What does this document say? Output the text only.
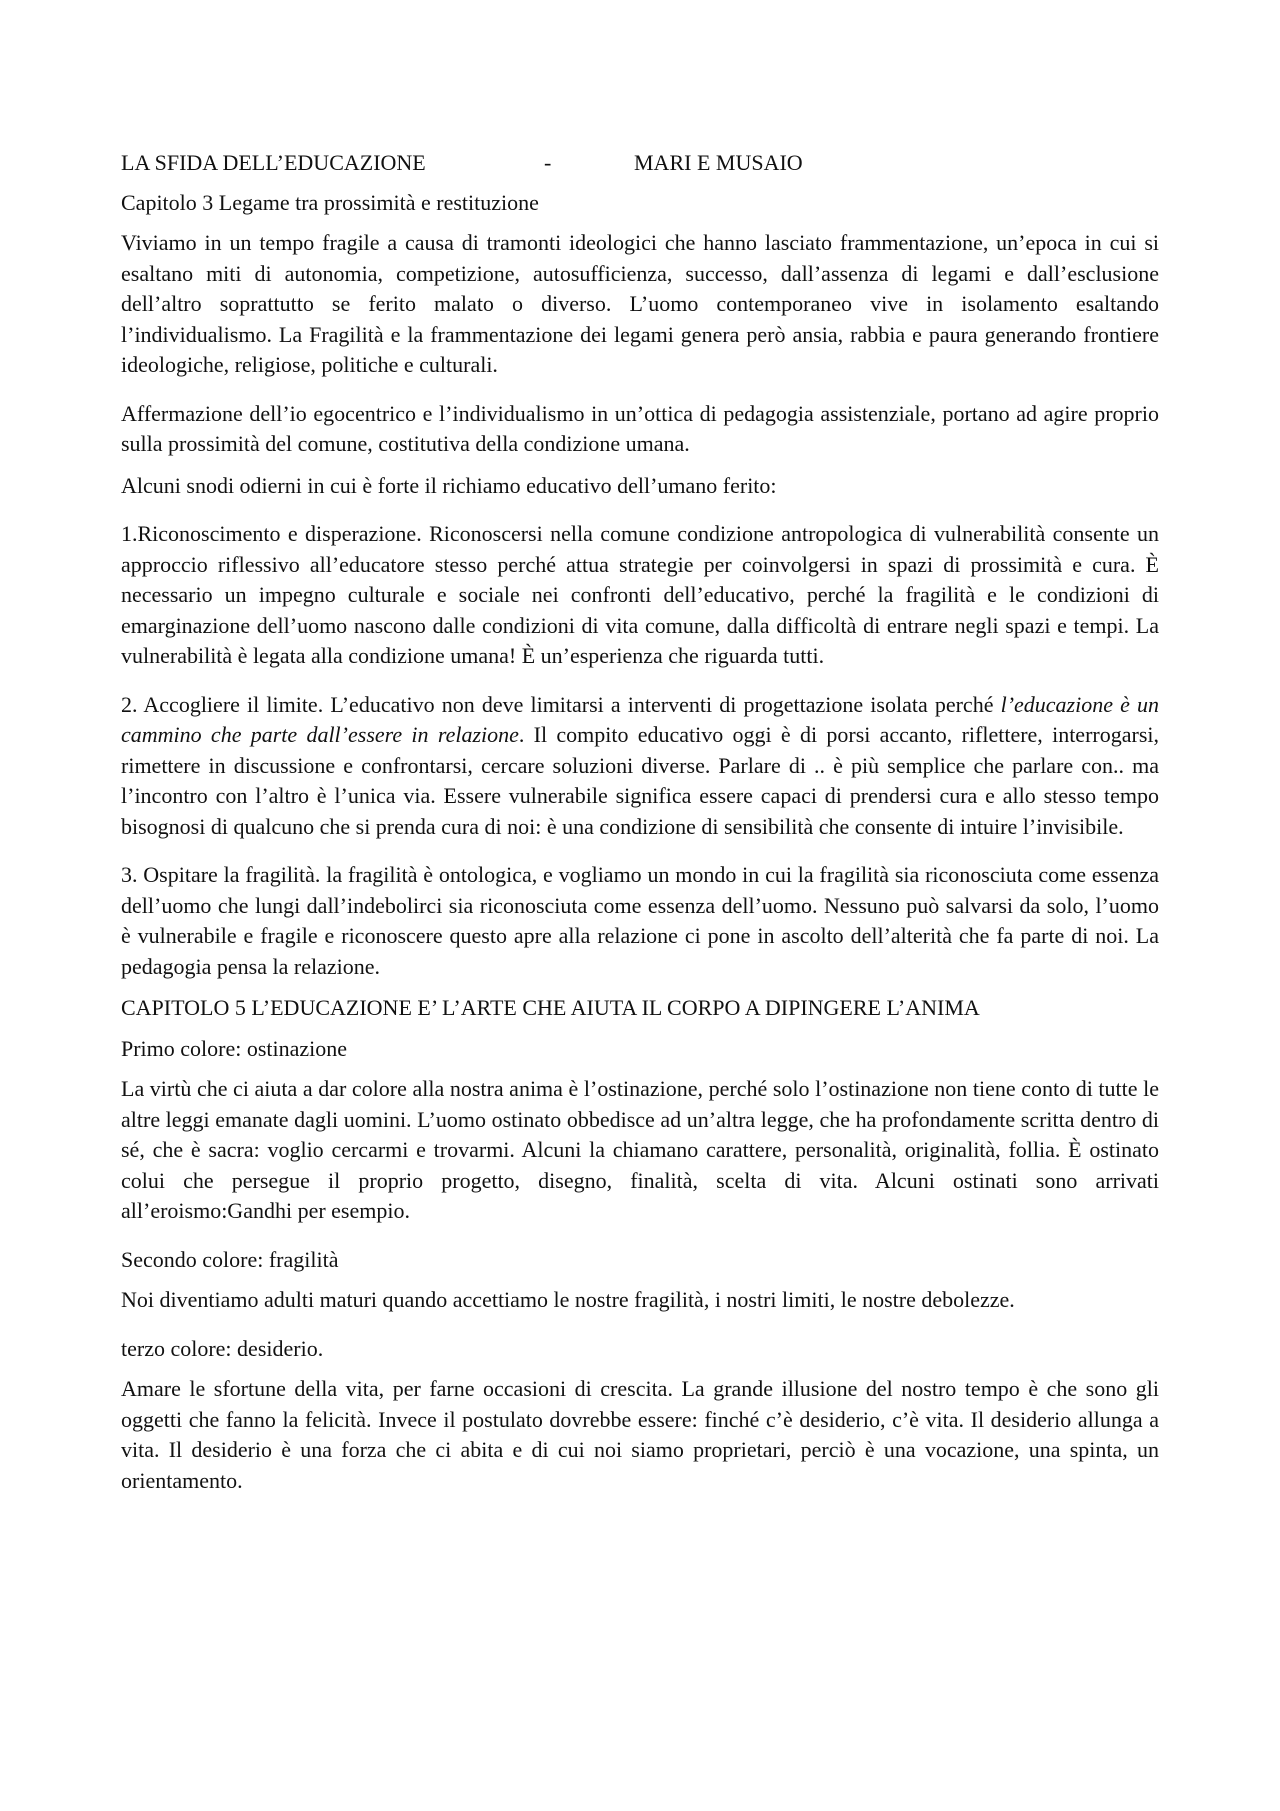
LA SFIDA DELL’EDUCAZIONE	-	MARI E MUSAIO

Capitolo 3 Legame tra prossimità e restituzione

Viviamo in un tempo fragile a causa di tramonti ideologici che hanno lasciato frammentazione, un’epoca in cui si esaltano miti di autonomia, competizione, autosufficienza, successo, dall’assenza di legami e dall’esclusione dell’altro soprattutto se ferito malato o diverso. L’uomo contemporaneo vive in isolamento esaltando l’individualismo. La Fragilità e la frammentazione dei legami genera però ansia, rabbia e paura generando frontiere ideologiche, religiose, politiche e culturali.

Affermazione dell’io egocentrico e l’individualismo in un’ottica di pedagogia assistenziale, portano ad agire proprio sulla prossimità del comune, costitutiva della condizione umana.

Alcuni snodi odierni in cui è forte il richiamo educativo dell’umano ferito:

1.Riconoscimento e disperazione. Riconoscersi nella comune condizione antropologica di vulnerabilità consente un approccio riflessivo all’educatore stesso perché attua strategie per coinvolgersi in spazi di prossimità e cura. È necessario un impegno culturale e sociale nei confronti dell’educativo, perché la fragilità e le condizioni di emarginazione dell’uomo nascono dalle condizioni di vita comune, dalla difficoltà di entrare negli spazi e tempi. La vulnerabilità è legata alla condizione umana! È un’esperienza che riguarda tutti.

2. Accogliere il limite. L’educativo non deve limitarsi a interventi di progettazione isolata perché l’educazione è un cammino che parte dall’essere in relazione. Il compito educativo oggi è di porsi accanto, riflettere, interrogarsi, rimettere in discussione e confrontarsi, cercare soluzioni diverse. Parlare di .. è più semplice che parlare con.. ma l’incontro con l’altro è l’unica via. Essere vulnerabile significa essere capaci di prendersi cura e allo stesso tempo bisognosi di qualcuno che si prenda cura di noi: è una condizione di sensibilità che consente di intuire l’invisibile.

3. Ospitare la fragilità. la fragilità è ontologica, e vogliamo un mondo in cui la fragilità sia riconosciuta come essenza dell’uomo che lungi dall’indebolirci sia riconosciuta come essenza dell’uomo. Nessuno può salvarsi da solo, l’uomo è vulnerabile e fragile e riconoscere questo apre alla relazione ci pone in ascolto dell’alterità che fa parte di noi. La pedagogia pensa la relazione.

CAPITOLO 5 L’EDUCAZIONE E’ L’ARTE CHE AIUTA IL CORPO A DIPINGERE L’ANIMA

Primo colore: ostinazione

La virtù che ci aiuta a dar colore alla nostra anima è l’ostinazione, perché solo l’ostinazione non tiene conto di tutte le altre leggi emanate dagli uomini. L’uomo ostinato obbedisce ad un’altra legge, che ha profondamente scritta dentro di sé, che è sacra: voglio cercarmi e trovarmi. Alcuni la chiamano carattere, personalità, originalità, follia. È ostinato colui che persegue il proprio progetto, disegno, finalità, scelta di vita. Alcuni ostinati sono arrivati all’eroismo:Gandhi per esempio.

Secondo colore: fragilità

Noi diventiamo adulti maturi quando accettiamo le nostre fragilità, i nostri limiti, le nostre debolezze.

terzo colore: desiderio.

Amare le sfortune della vita, per farne occasioni di crescita. La grande illusione del nostro tempo è che sono gli oggetti che fanno la felicità. Invece il postulato dovrebbe essere: finché c’è desiderio, c’è vita. Il desiderio allunga a vita. Il desiderio è una forza che ci abita e di cui noi siamo proprietari, perciò è una vocazione, una spinta, un orientamento.
